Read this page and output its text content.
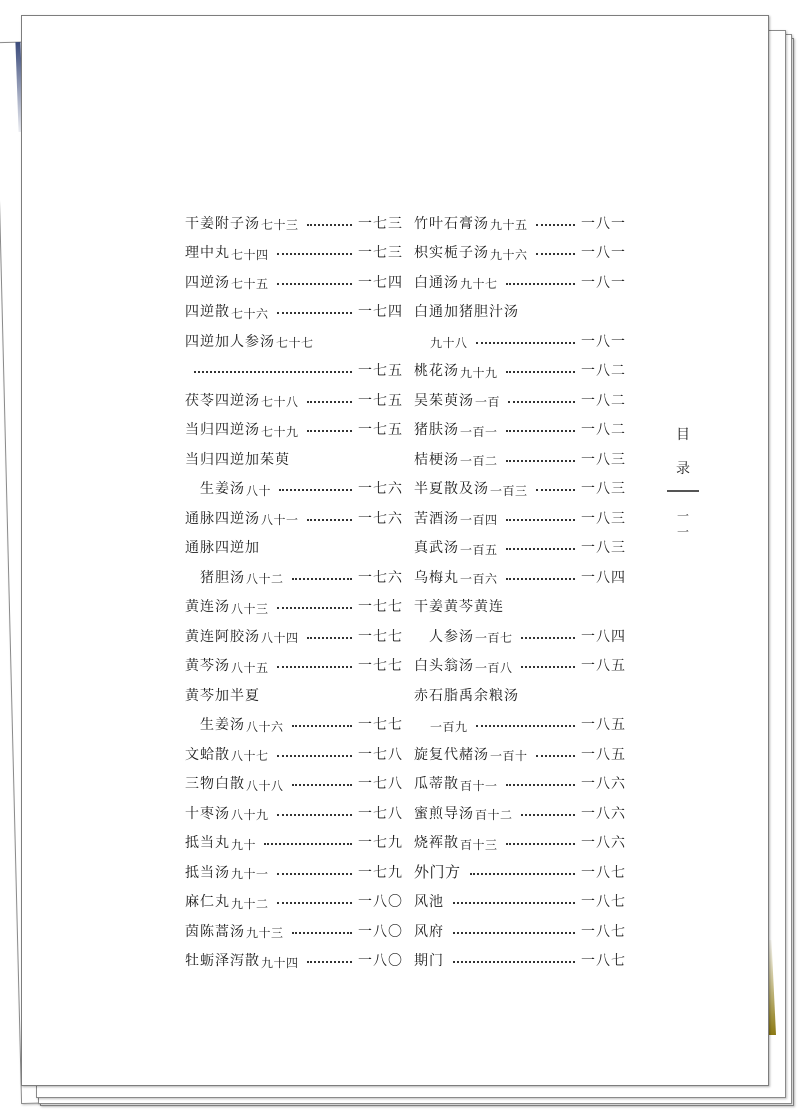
干姜附子汤 七十三	一七三
理中丸 七十四	一七三
四逆汤 七十五	一七四
四逆散 七十六	一七四
四逆加人参汤 七十七
一七五
茯苓四逆汤 七十八	一七五
当归四逆汤 七十九	一七五
当归四逆加茱萸
生姜汤 八十	一七六
通脉四逆汤 八十一	一七六
通脉四逆加
猪胆汤 八十二	一七六
黄连汤 八十三	一七七
黄连阿胶汤 八十四	一七七
黄芩汤 八十五	一七七
黄芩加半夏
生姜汤 八十六	一七七
文蛤散 八十七	一七八
三物白散 八十八	一七八
十枣汤 八十九	一七八
抵当丸 九十	一七九
抵当汤 九十一	一七九
麻仁丸 九十二	一八〇
茵陈蒿汤 九十三	一八〇
牡蛎泽泻散 九十四	一八〇
竹叶石膏汤 九十五	一八一
枳实栀子汤 九十六	一八一
白通汤 九十七	一八一
白通加猪胆汁汤
九十八	一八一
桃花汤 九十九	一八二
吴茱萸汤 一百	一八二
猪肤汤 一百一	一八二
桔梗汤 一百二	一八三
半夏散及汤 一百三	一八三
苦酒汤 一百四	一八三
真武汤 一百五	一八三
乌梅丸 一百六	一八四
干姜黄芩黄连
人参汤 一百七	一八四
白头翁汤 一百八	一八五
赤石脂禹余粮汤
一百九	一八五
旋复代赭汤 一百十	一八五
瓜蒂散 百十一	一八六
蜜煎导汤 百十二	一八六
烧裈散 百十三	一八六
外门方	一八七
风池	一八七
风府	一八七
期门	一八七
目
录
一
一
